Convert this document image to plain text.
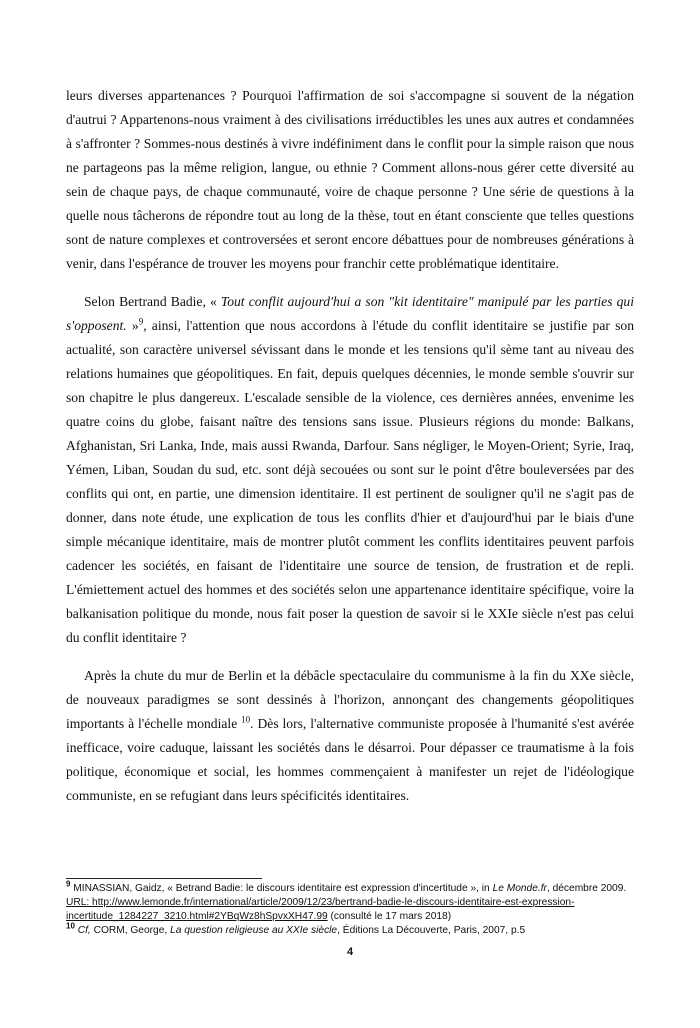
leurs diverses appartenances ? Pourquoi l'affirmation de soi s'accompagne si souvent de la négation d'autrui ? Appartenons-nous vraiment à des civilisations irréductibles les unes aux autres et condamnées à s'affronter ? Sommes-nous destinés à vivre indéfiniment dans le conflit pour la simple raison que nous ne partageons pas la même religion, langue, ou ethnie ? Comment allons-nous gérer cette diversité au sein de chaque pays, de chaque communauté, voire de chaque personne ? Une série de questions à la quelle nous tâcherons de répondre tout au long de la thèse, tout en étant consciente que telles questions sont de nature complexes et controversées et seront encore débattues pour de nombreuses générations à venir, dans l'espérance de trouver les moyens pour franchir cette problématique identitaire.

Selon Bertrand Badie, « Tout conflit aujourd'hui a son "kit identitaire" manipulé par les parties qui s'opposent. »$^9$, ainsi, l'attention que nous accordons à l'étude du conflit identitaire se justifie par son actualité, son caractère universel sévissant dans le monde et les tensions qu'il sème tant au niveau des relations humaines que géopolitiques. En fait, depuis quelques décennies, le monde semble s'ouvrir sur son chapitre le plus dangereux. L'escalade sensible de la violence, ces dernières années, envenime les quatre coins du globe, faisant naître des tensions sans issue. Plusieurs régions du monde: Balkans, Afghanistan, Sri Lanka, Inde, mais aussi Rwanda, Darfour. Sans négliger, le Moyen-Orient; Syrie, Iraq, Yémen, Liban, Soudan du sud, etc. sont déjà secouées ou sont sur le point d'être bouleversées par des conflits qui ont, en partie, une dimension identitaire. Il est pertinent de souligner qu'il ne s'agit pas de donner, dans note étude, une explication de tous les conflits d'hier et d'aujourd'hui par le biais d'une simple mécanique identitaire, mais de montrer plutôt comment les conflits identitaires peuvent parfois cadencer les sociétés, en faisant de l'identitaire une source de tension, de frustration et de repli. L'émiettement actuel des hommes et des sociétés selon une appartenance identitaire spécifique, voire la balkanisation politique du monde, nous fait poser la question de savoir si le XXIe siècle n'est pas celui du conflit identitaire ?

Après la chute du mur de Berlin et la débâcle spectaculaire du communisme à la fin du XXe siècle, de nouveaux paradigmes se sont dessinés à l'horizon, annonçant des changements géopolitiques importants à l'échelle mondiale $^{10}$. Dès lors, l'alternative communiste proposée à l'humanité s'est avérée inefficace, voire caduque, laissant les sociétés dans le désarroi. Pour dépasser ce traumatisme à la fois politique, économique et social, les hommes commençaient à manifester un rejet de l'idéologique communiste, en se refugiant dans leurs spécificités identitaires.

$^9$ MINASSIAN, Gaidz, « Betrand Badie: le discours identitaire est expression d'incertitude », in Le Monde.fr, décembre 2009. URL: http://www.lemonde.fr/international/article/2009/12/23/bertrand-badie-le-discours-identitaire-est-expression-incertitude_1284227_3210.html#2YBqWz8hSpvxXH47.99 (consulté le 17 mars 2018)

$^{10}$ Cf, CORM, George, La question religieuse au XXIe siècle, Éditions La Découverte, Paris, 2007, p.5

4
